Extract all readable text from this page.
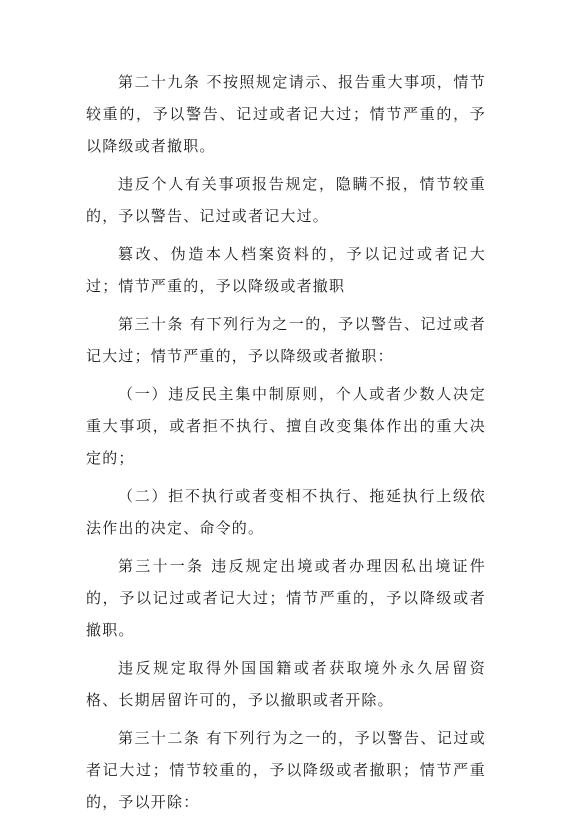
第二十九条 不按照规定请示、报告重大事项，情节较重的，予以警告、记过或者记大过；情节严重的，予以降级或者撤职。

违反个人有关事项报告规定，隐瞒不报，情节较重的，予以警告、记过或者记大过。

篡改、伪造本人档案资料的，予以记过或者记大过；情节严重的，予以降级或者撤职

第三十条 有下列行为之一的，予以警告、记过或者记大过；情节严重的，予以降级或者撤职：

（一）违反民主集中制原则，个人或者少数人决定重大事项，或者拒不执行、擅自改变集体作出的重大决定的；

（二）拒不执行或者变相不执行、拖延执行上级依法作出的决定、命令的。

第三十一条 违反规定出境或者办理因私出境证件的，予以记过或者记大过；情节严重的，予以降级或者撤职。

违反规定取得外国国籍或者获取境外永久居留资格、长期居留许可的，予以撤职或者开除。

第三十二条 有下列行为之一的，予以警告、记过或者记大过；情节较重的，予以降级或者撤职；情节严重的，予以开除：
